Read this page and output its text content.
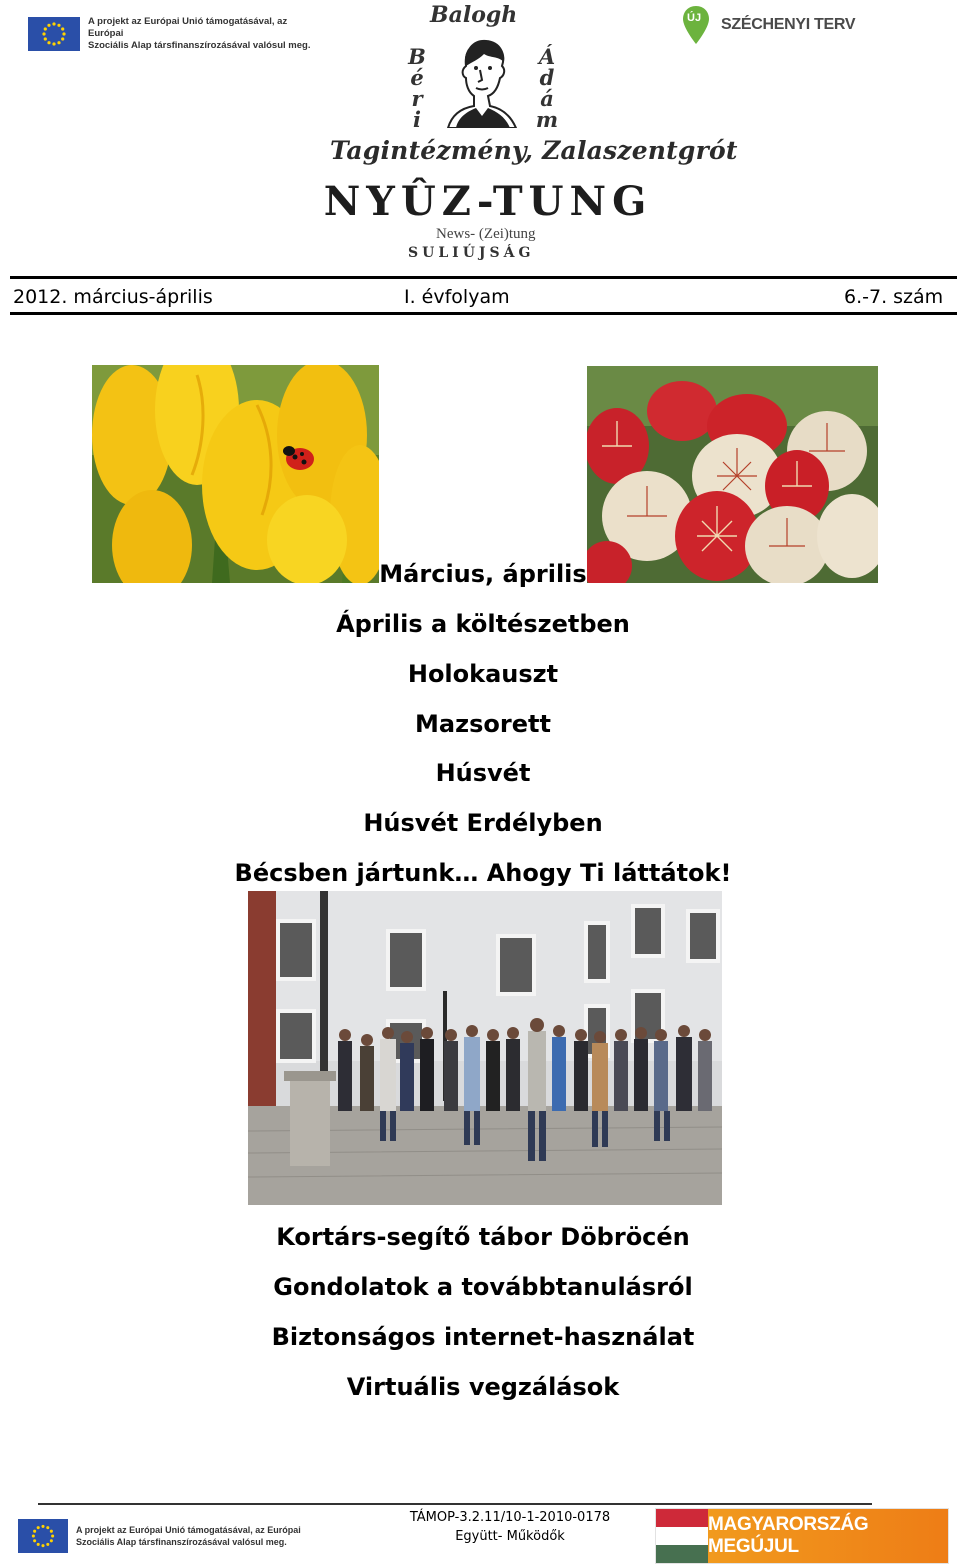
A projekt az Európai Unió támogatásával, az Európai
Szociális Alap társfinanszírozásával valósul meg.
ÚJ SZÉCHENYI TERV
Balogh
B
é
r
i
Á
d
á
m
Tagintézmény, Zalaszentgrót
NYÛZ-TUNG
News- (Zei)tung
SULIÚJSÁG
2012. március-április	I. évfolyam	6.-7. szám
Március, április
Április a költészetben
Holokauszt
Mazsorett
Húsvét
Húsvét Erdélyben
Bécsben jártunk… Ahogy Ti láttátok!
Kortárs-segítő tábor Döbröcén
Gondolatok a továbbtanulásról
Biztonságos internet-használat
Virtuális vegzálások
A projekt az Európai Unió támogatásával, az Európai
Szociális Alap társfinanszírozásával valósul meg.
TÁMOP-3.2.11/10-1-2010-0178
Együtt- Működők
MAGYARORSZÁG MEGÚJUL
